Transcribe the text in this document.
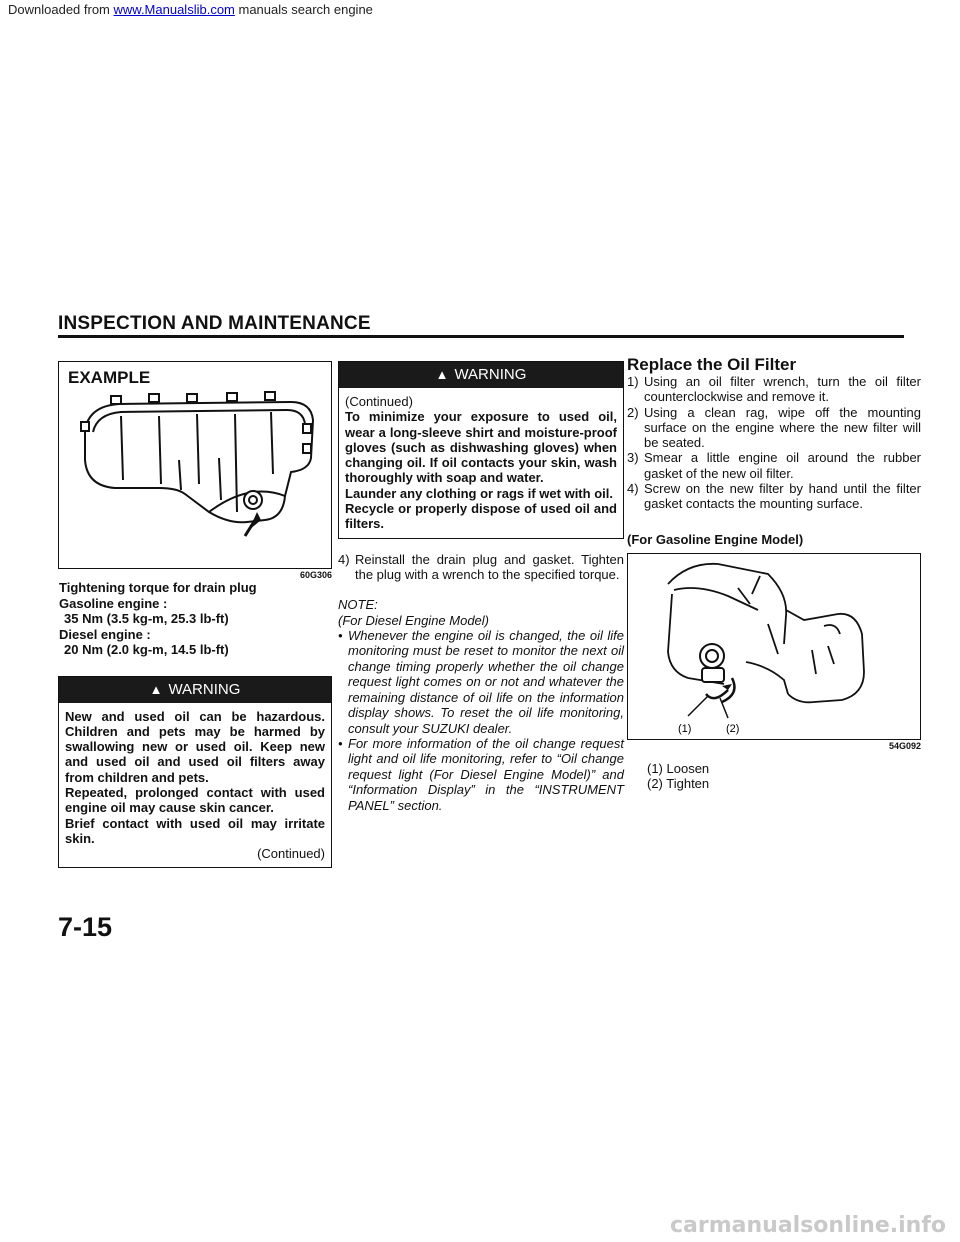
Downloaded from www.Manualslib.com manuals search engine
INSPECTION AND MAINTENANCE
EXAMPLE
60G306
Tightening torque for drain plug
Gasoline engine :
35 Nm (3.5 kg-m, 25.3 lb-ft)
Diesel engine :
20 Nm (2.0 kg-m, 14.5 lb-ft)
▲ WARNING

New and used oil can be hazardous. Children and pets may be harmed by swallowing new or used oil. Keep new and used oil and used oil filters away from children and pets.

Repeated, prolonged contact with used engine oil may cause skin cancer.

Brief contact with used oil may irritate skin.

(Continued)

▲ WARNING

(Continued)

To minimize your exposure to used oil, wear a long-sleeve shirt and moisture-proof gloves (such as dishwashing gloves) when changing oil. If oil contacts your skin, wash thoroughly with soap and water.

Launder any clothing or rags if wet with oil.

Recycle or properly dispose of used oil and filters.

4) Reinstall the drain plug and gasket. Tighten the plug with a wrench to the specified torque.

NOTE:

(For Diesel Engine Model)

• Whenever the engine oil is changed, the oil life monitoring must be reset to monitor the next oil change timing properly whether the oil change request light comes on or not and whatever the remaining distance of oil life on the information display shows. To reset the oil life monitoring, consult your SUZUKI dealer.
• For more information of the oil change request light and oil life monitoring, refer to “Oil change request light (For Diesel Engine Model)” and “Information Display” in the “INSTRUMENT PANEL” section.
Replace the Oil Filter
1) Using an oil filter wrench, turn the oil filter counterclockwise and remove it.
2) Using a clean rag, wipe off the mounting surface on the engine where the new filter will be seated.
3) Smear a little engine oil around the rubber gasket of the new oil filter.
4) Screw on the new filter by hand until the filter gasket contacts the mounting surface.
(For Gasoline Engine Model)
(1)	(2)
54G092
(1) Loosen
(2) Tighten
7-15
carmanualsonline.info
